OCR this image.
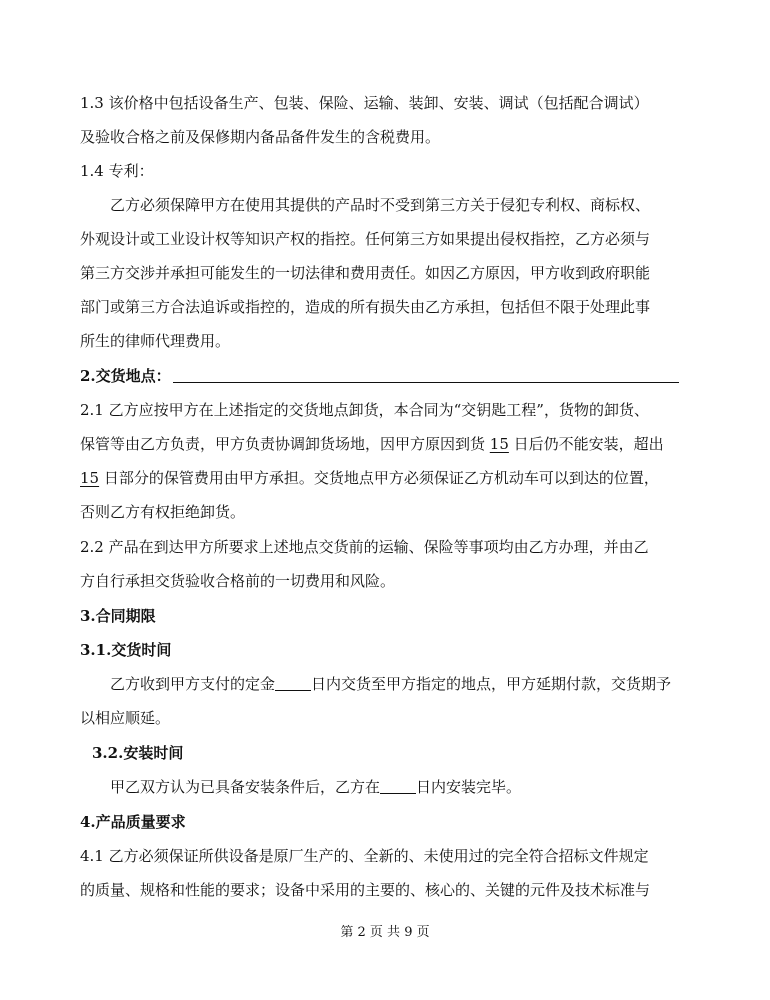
1.3 该价格中包括设备生产、包装、保险、运输、装卸、安装、调试（包括配合调试）
及验收合格之前及保修期内备品备件发生的含税费用。
1.4 专利：
乙方必须保障甲方在使用其提供的产品时不受到第三方关于侵犯专利权、商标权、
外观设计或工业设计权等知识产权的指控。任何第三方如果提出侵权指控，乙方必须与
第三方交涉并承担可能发生的一切法律和费用责任。如因乙方原因，甲方收到政府职能
部门或第三方合法追诉或指控的，造成的所有损失由乙方承担，包括但不限于处理此事
所生的律师代理费用。
2.交货地点：
2.1 乙方应按甲方在上述指定的交货地点卸货，本合同为“交钥匙工程”，货物的卸货、
保管等由乙方负责，甲方负责协调卸货场地，因甲方原因到货 15 日后仍不能安装，超出
15 日部分的保管费用由甲方承担。交货地点甲方必须保证乙方机动车可以到达的位置，
否则乙方有权拒绝卸货。
2.2 产品在到达甲方所要求上述地点交货前的运输、保险等事项均由乙方办理，并由乙
方自行承担交货验收合格前的一切费用和风险。
3.合同期限
3.1.交货时间
乙方收到甲方支付的定金 日内交货至甲方指定的地点，甲方延期付款，交货期予
以相应顺延。
3.2.安装时间
甲乙双方认为已具备安装条件后，乙方在 日内安装完毕。
4.产品质量要求
4.1 乙方必须保证所供设备是原厂生产的、全新的、未使用过的完全符合招标文件规定
的质量、规格和性能的要求；设备中采用的主要的、核心的、关键的元件及技术标准与
第 2 页 共 9 页
